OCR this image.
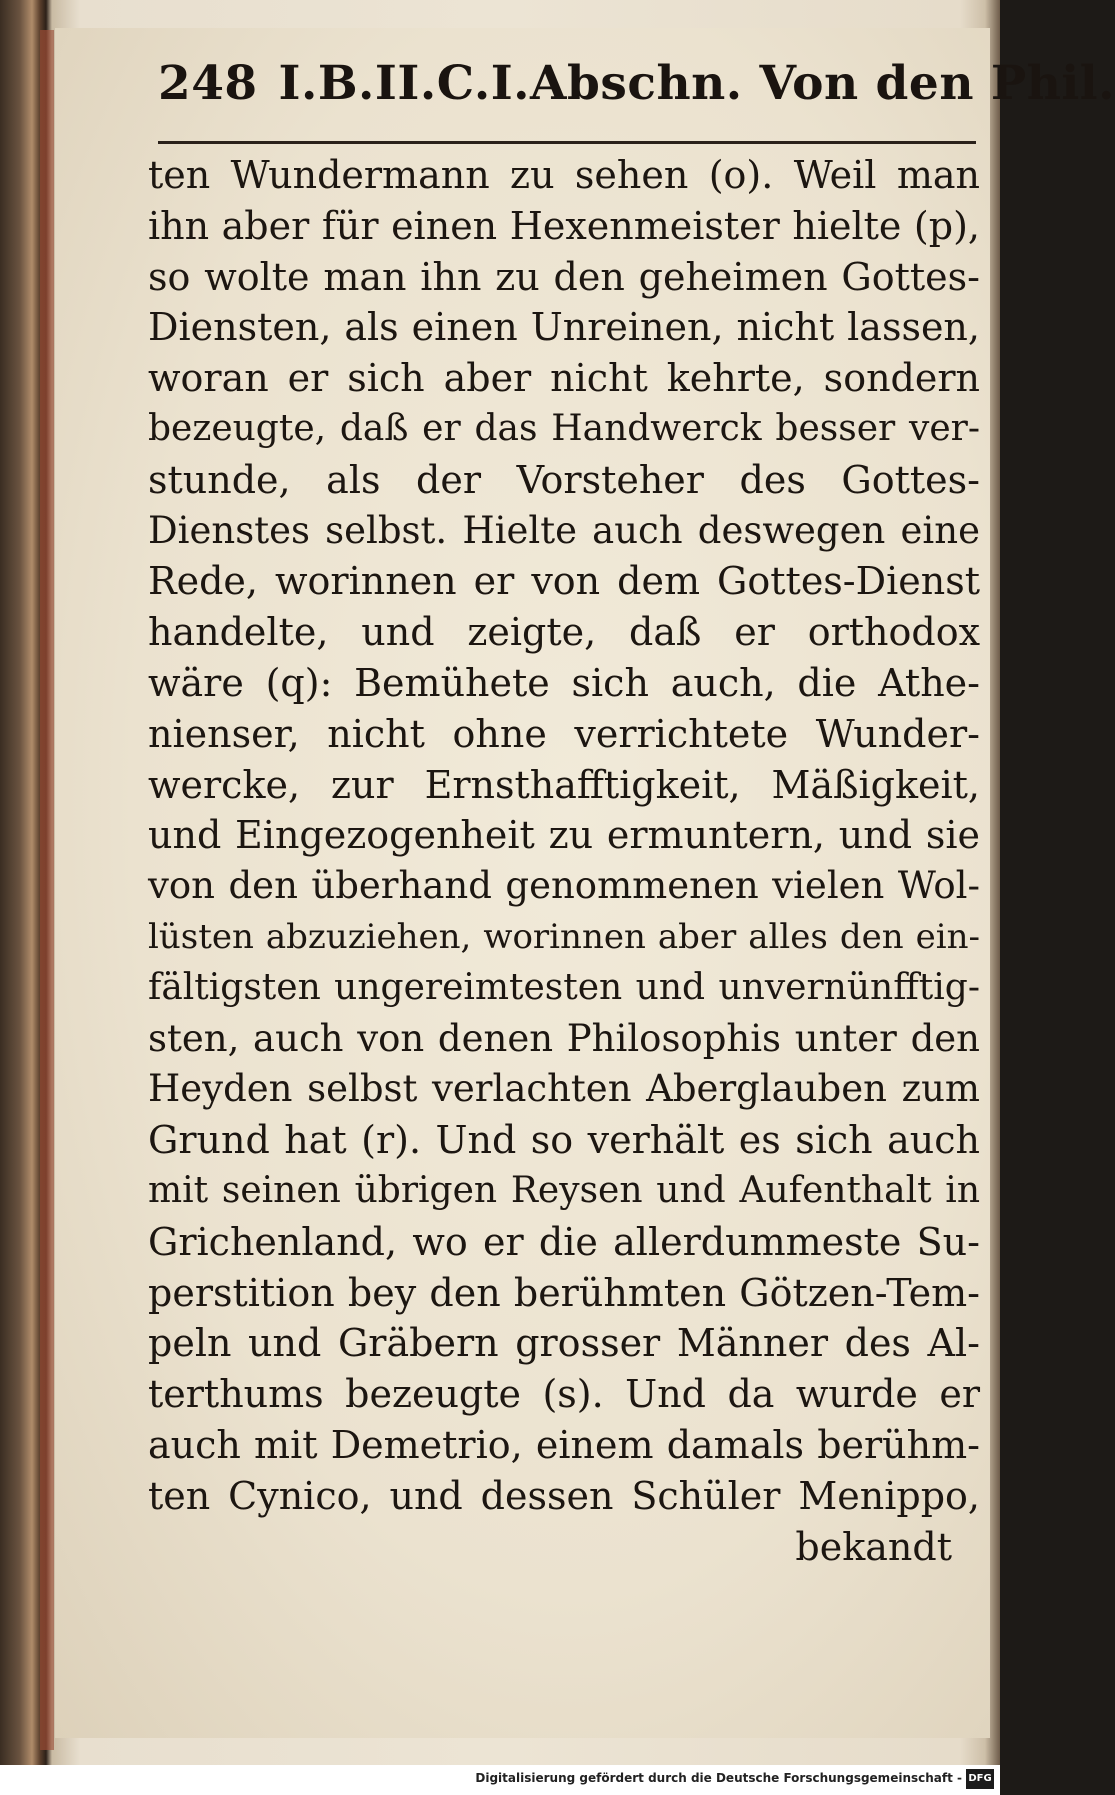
248 I.B.II.C.I.Abschn. Von den Phil.
ten Wundermann zu sehen (o). Weil man
ihn aber für einen Hexenmeister hielte (p),
so wolte man ihn zu den geheimen Gottes-
Diensten, als einen Unreinen, nicht lassen,
woran er sich aber nicht kehrte, sondern
bezeugte, daß er das Handwerck besser ver-
stunde, als der Vorsteher des Gottes-
Dienstes selbst. Hielte auch deswegen eine
Rede, worinnen er von dem Gottes-Dienst
handelte, und zeigte, daß er orthodox
wäre (q): Bemühete sich auch, die Athe-
nienser, nicht ohne verrichtete Wunder-
wercke, zur Ernsthafftigkeit, Mäßigkeit,
und Eingezogenheit zu ermuntern, und sie
von den überhand genommenen vielen Wol-
lüsten abzuziehen, worinnen aber alles den ein-
fältigsten ungereimtesten und unvernünfftig-
sten, auch von denen Philosophis unter den
Heyden selbst verlachten Aberglauben zum
Grund hat (r). Und so verhält es sich auch
mit seinen übrigen Reysen und Aufenthalt in
Grichenland, wo er die allerdummeste Su-
perstition bey den berühmten Götzen-Tem-
peln und Gräbern grosser Männer des Al-
terthums bezeugte (s). Und da wurde er
auch mit Demetrio, einem damals berühm-
ten Cynico, und dessen Schüler Menippo,
bekandt
Digitalisierung gefördert durch die Deutsche Forschungsgemeinschaft - DFG
